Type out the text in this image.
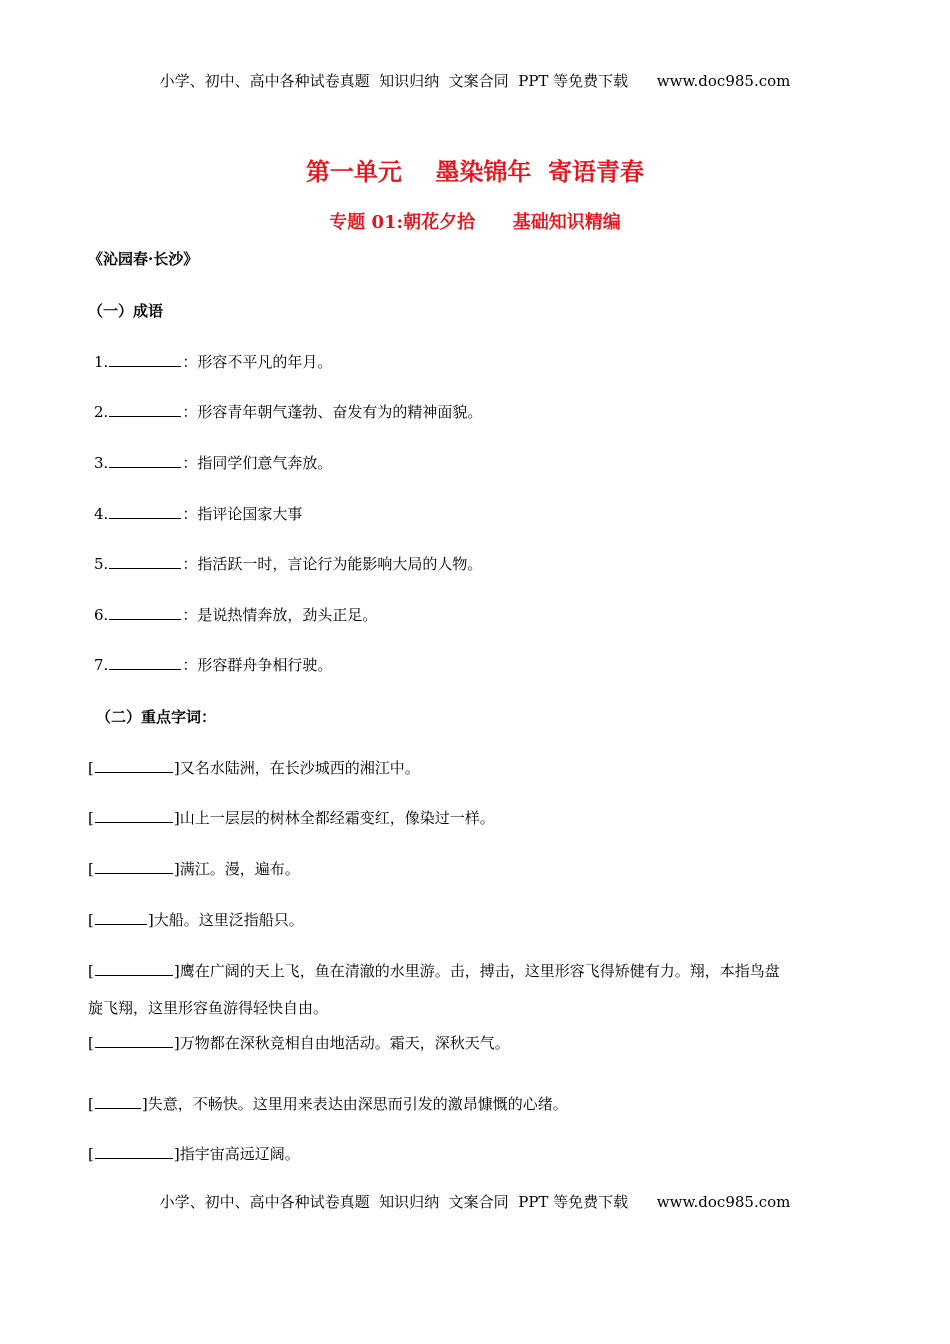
小学、初中、高中各种试卷真题  知识归纳  文案合同  PPT 等免费下载      www.doc985.com
第一单元    墨染锦年  寄语青春
专题 01:朝花夕拾      基础知识精编
《沁园春·长沙》
（一）成语
1.	：形容不平凡的年月。
2.	：形容青年朝气蓬勃、奋发有为的精神面貌。
3.	：指同学们意气奔放。
4.	：指评论国家大事
5.	：指活跃一时，言论行为能影响大局的人物。
6.	：是说热情奔放，劲头正足。
7.	：形容群舟争相行驶。
（二）重点字词：
[	]又名水陆洲，在长沙城西的湘江中。
[	]山上一层层的树林全都经霜变红，像染过一样。
[	]满江。漫，遍布。
[	]大船。这里泛指船只。
[	]鹰在广阔的天上飞，鱼在清澈的水里游。击，搏击，这里形容飞得矫健有力。翔，本指鸟盘
旋飞翔，这里形容鱼游得轻快自由。
[	]万物都在深秋竞相自由地活动。霜天，深秋天气。
[	]失意，不畅快。这里用来表达由深思而引发的激昂慷慨的心绪。
[	]指宇宙高远辽阔。
小学、初中、高中各种试卷真题  知识归纳  文案合同  PPT 等免费下载      www.doc985.com
